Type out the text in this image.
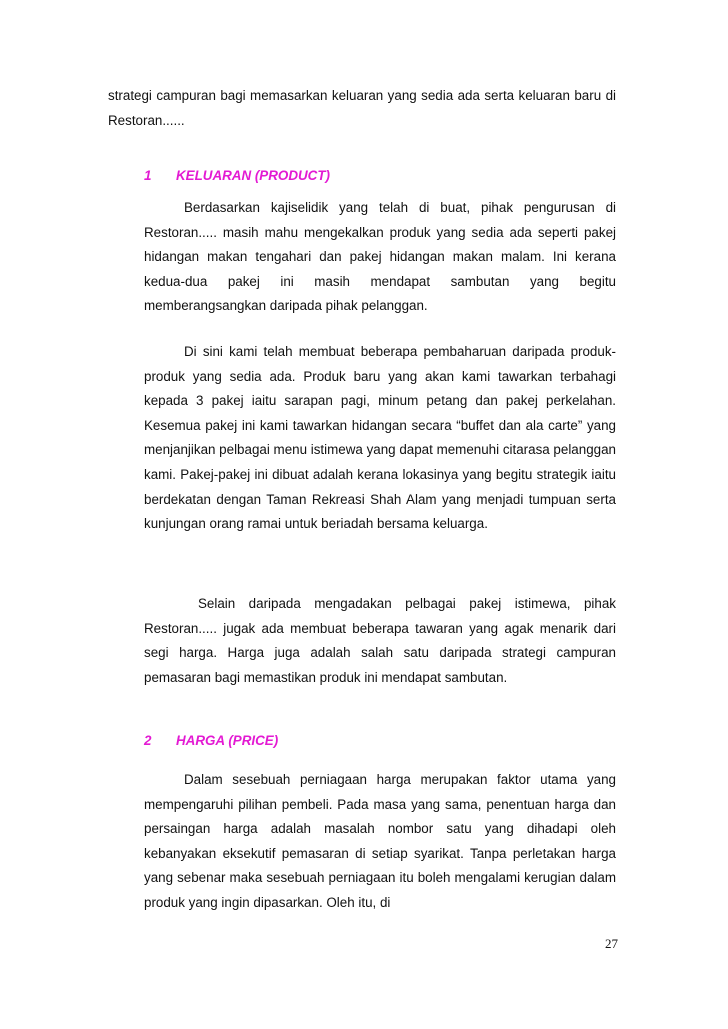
strategi campuran bagi memasarkan keluaran yang sedia ada serta keluaran baru di Restoran......

1 KELUARAN (PRODUCT)

Berdasarkan kajiselidik yang telah di buat, pihak pengurusan di Restoran..... masih mahu mengekalkan produk yang sedia ada seperti pakej hidangan makan tengahari dan pakej hidangan makan malam. Ini kerana kedua-dua pakej ini masih mendapat sambutan yang begitu memberangsangkan daripada pihak pelanggan.

Di sini kami telah membuat beberapa pembaharuan daripada produk- produk yang sedia ada. Produk baru yang akan kami tawarkan terbahagi kepada 3 pakej iaitu sarapan pagi, minum petang dan pakej perkelahan. Kesemua pakej ini kami tawarkan hidangan secara “buffet dan ala carte” yang menjanjikan pelbagai menu istimewa yang dapat memenuhi citarasa pelanggan kami. Pakej-pakej ini dibuat adalah kerana lokasinya yang begitu strategik iaitu berdekatan dengan Taman Rekreasi Shah Alam yang menjadi tumpuan serta kunjungan orang ramai untuk beriadah bersama keluarga.

Selain daripada mengadakan pelbagai pakej istimewa, pihak Restoran..... jugak ada membuat beberapa tawaran yang agak menarik dari segi harga. Harga juga adalah salah satu daripada strategi campuran pemasaran bagi memastikan produk ini mendapat sambutan.

2 HARGA (PRICE)

Dalam sesebuah perniagaan harga merupakan faktor utama yang mempengaruhi pilihan pembeli. Pada masa yang sama, penentuan harga dan persaingan harga adalah masalah nombor satu yang dihadapi oleh kebanyakan eksekutif pemasaran di setiap syarikat. Tanpa perletakan harga yang sebenar maka sesebuah perniagaan itu boleh mengalami kerugian dalam produk yang ingin dipasarkan. Oleh itu, di

27
